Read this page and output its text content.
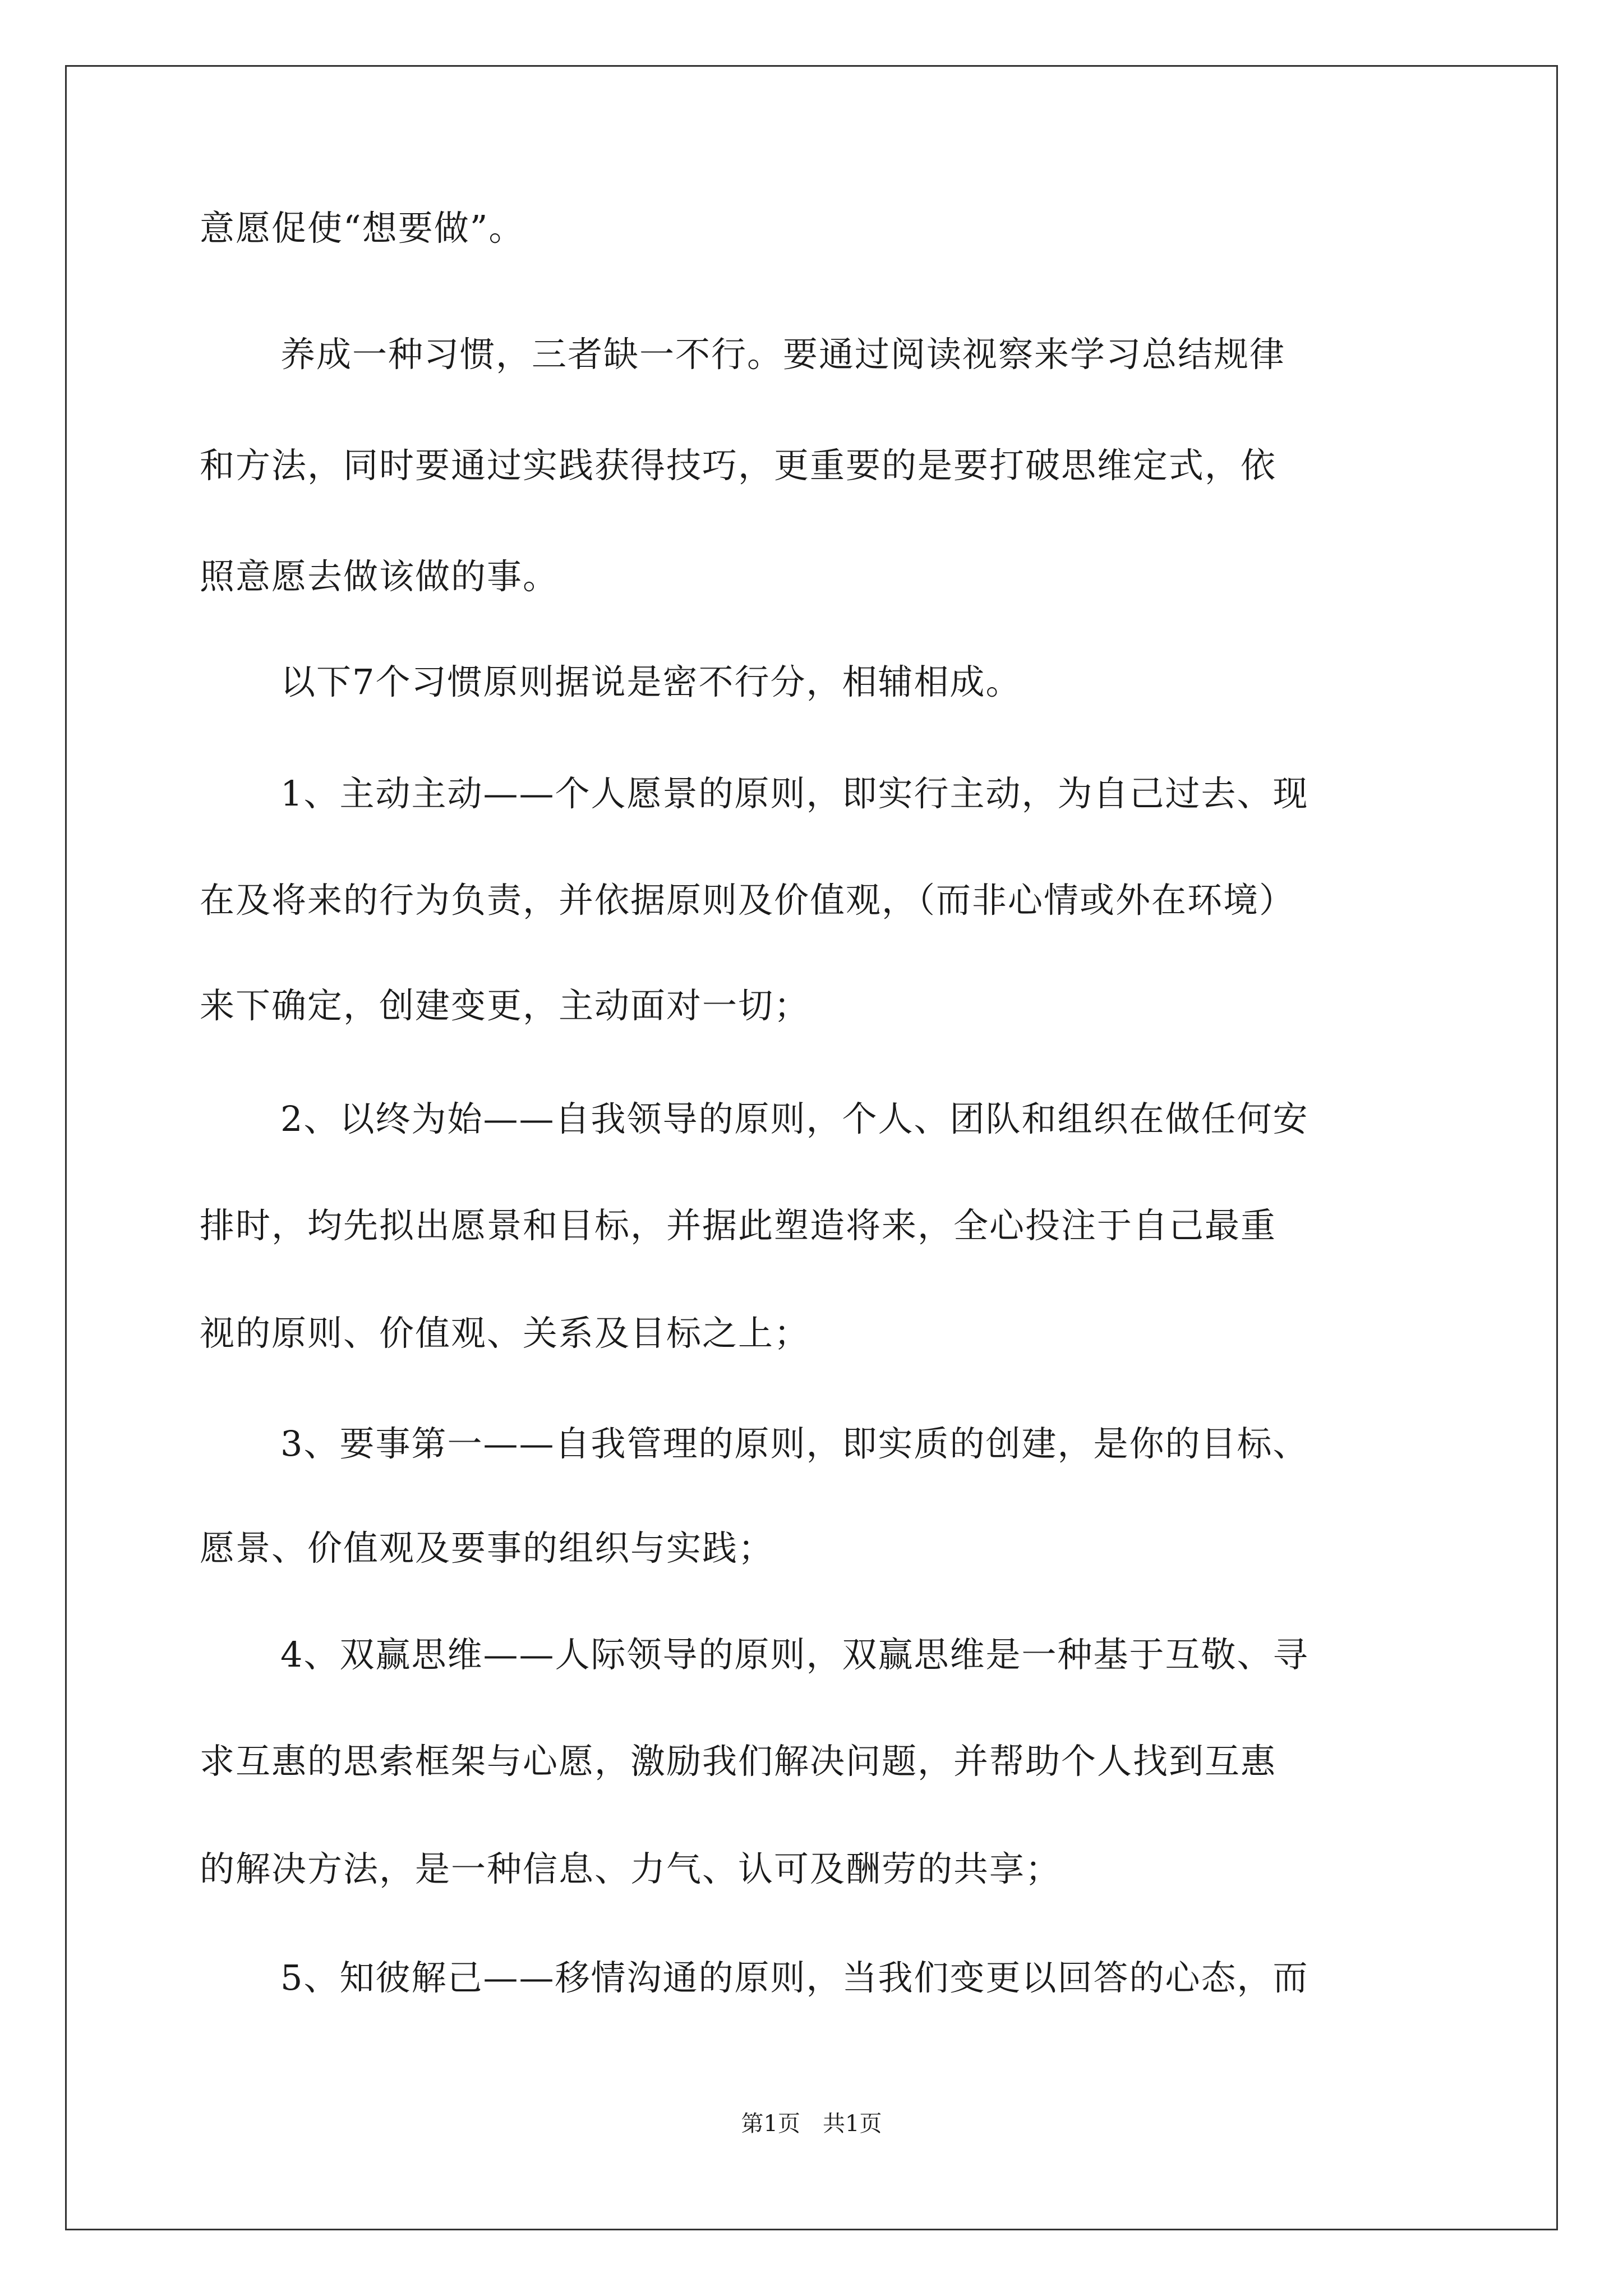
意愿促使“想要做”。
养成一种习惯，三者缺一不行。要通过阅读视察来学习总结规律
和方法，同时要通过实践获得技巧，更重要的是要打破思维定式，依
照意愿去做该做的事。
以下7个习惯原则据说是密不行分，相辅相成。
1、主动主动——个人愿景的原则，即实行主动，为自己过去、现
在及将来的行为负责，并依据原则及价值观，（而非心情或外在环境）
来下确定，创建变更，主动面对一切；
2、以终为始——自我领导的原则，个人、团队和组织在做任何安
排时，均先拟出愿景和目标，并据此塑造将来，全心投注于自己最重
视的原则、价值观、关系及目标之上；
3、要事第一——自我管理的原则，即实质的创建，是你的目标、
愿景、价值观及要事的组织与实践；
4、双赢思维——人际领导的原则，双赢思维是一种基于互敬、寻
求互惠的思索框架与心愿，激励我们解决问题，并帮助个人找到互惠
的解决方法，是一种信息、力气、认可及酬劳的共享；
5、知彼解己——移情沟通的原则，当我们变更以回答的心态，而
第1页　共1页
